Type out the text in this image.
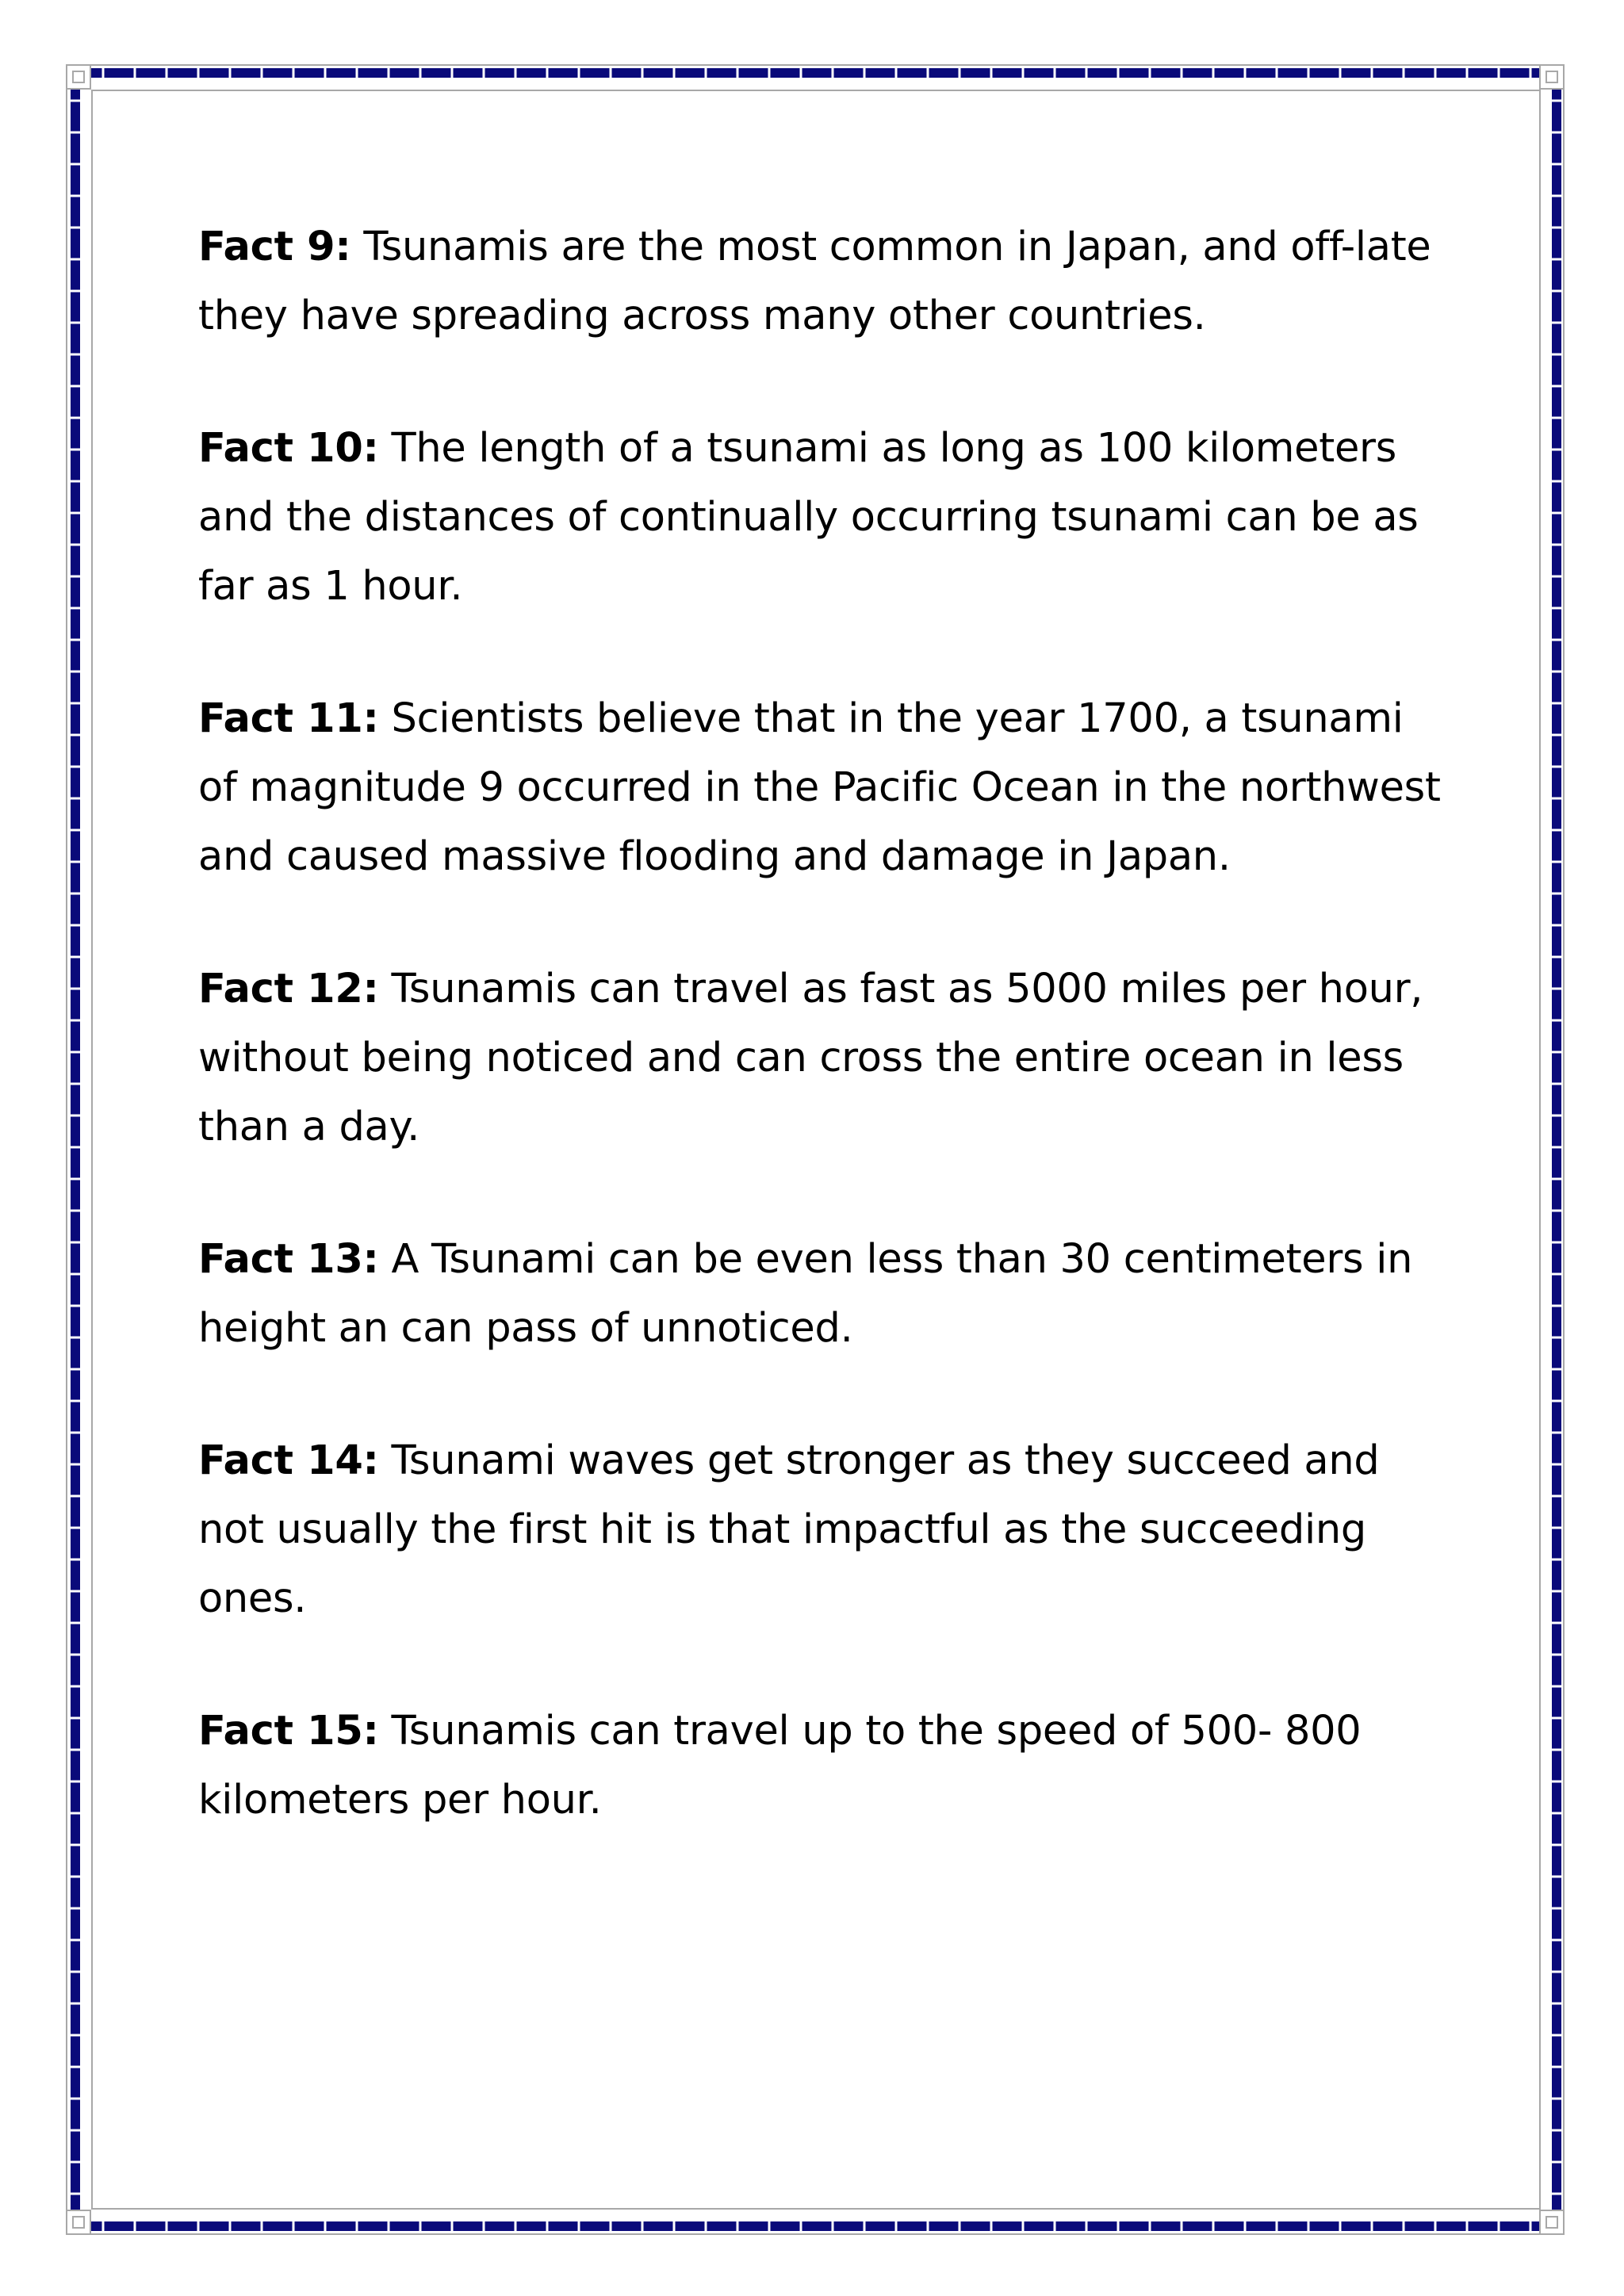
Fact 9: Tsunamis are the most common in Japan, and off-late they have spreading across many other countries.

Fact 10: The length of a tsunami as long as 100 kilometers and the distances of continually occurring tsunami can be as far as 1 hour.

Fact 11: Scientists believe that in the year 1700, a tsunami of magnitude 9 occurred in the Pacific Ocean in the northwest and caused massive flooding and damage in Japan.

Fact 12: Tsunamis can travel as fast as 5000 miles per hour, without being noticed and can cross the entire ocean in less than a day.

Fact 13: A Tsunami can be even less than 30 centimeters in height an can pass of unnoticed.

Fact 14: Tsunami waves get stronger as they succeed and not usually the first hit is that impactful as the succeeding ones.

Fact 15: Tsunamis can travel up to the speed of 500- 800 kilometers per hour.
